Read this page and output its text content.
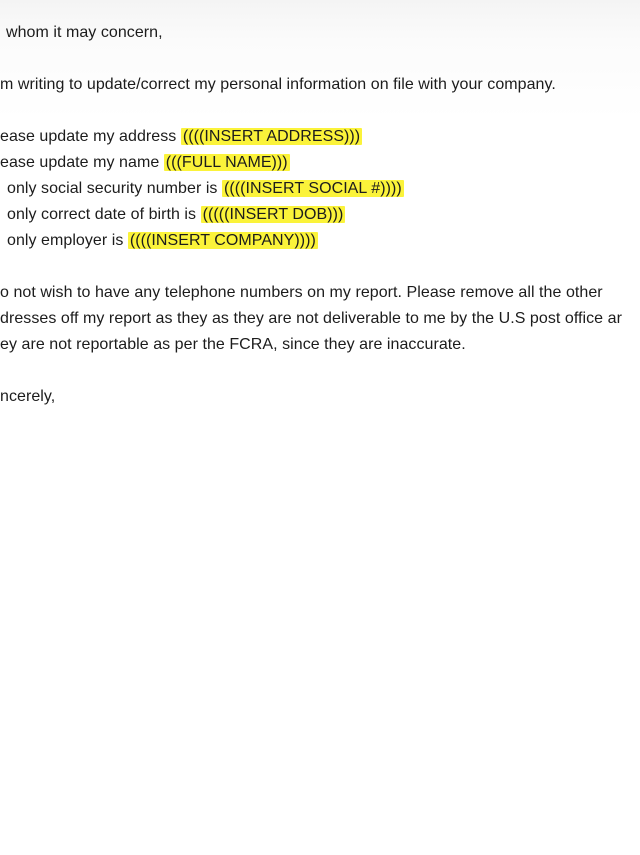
whom it may concern,
m writing to update/correct my personal information on file with your company.
ease update my address ((((INSERT ADDRESS)))
ease update my name (((FULL NAME)))
only social security number is ((((INSERT SOCIAL #))))
only correct date of birth is (((((INSERT DOB)))
only employer is ((((INSERT COMPANY))))
o not wish to have any telephone numbers on my report. Please remove all the other
dresses off my report as they as they are not deliverable to me by the U.S post office ar
ey are not reportable as per the FCRA, since they are inaccurate.
ncerely,
